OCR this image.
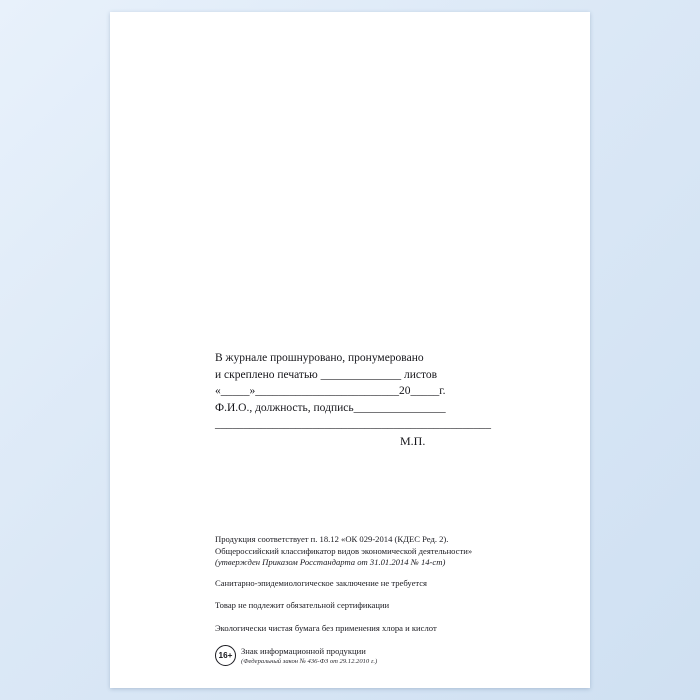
В журнале прошнуровано, пронумеровано
и скреплено печатью ______________ листов
«_____»_________________________20_____г.
Ф.И.О., должность, подпись________________
________________________________________________
М.П.
Продукция соответствует п. 18.12 «ОК 029-2014 (КДЕС Ред. 2).
Общероссийский классификатор видов экономической деятельности»
(утвержден Приказом Росстандарта от 31.01.2014 № 14-ст)
Санитарно-эпидемиологическое заключение не требуется
Товар не подлежит обязательной сертификации
Экологически чистая бумага без применения хлора и кислот
16+ Знак информационной продукции
(Федеральный закон № 436-ФЗ от 29.12.2010 г.)
